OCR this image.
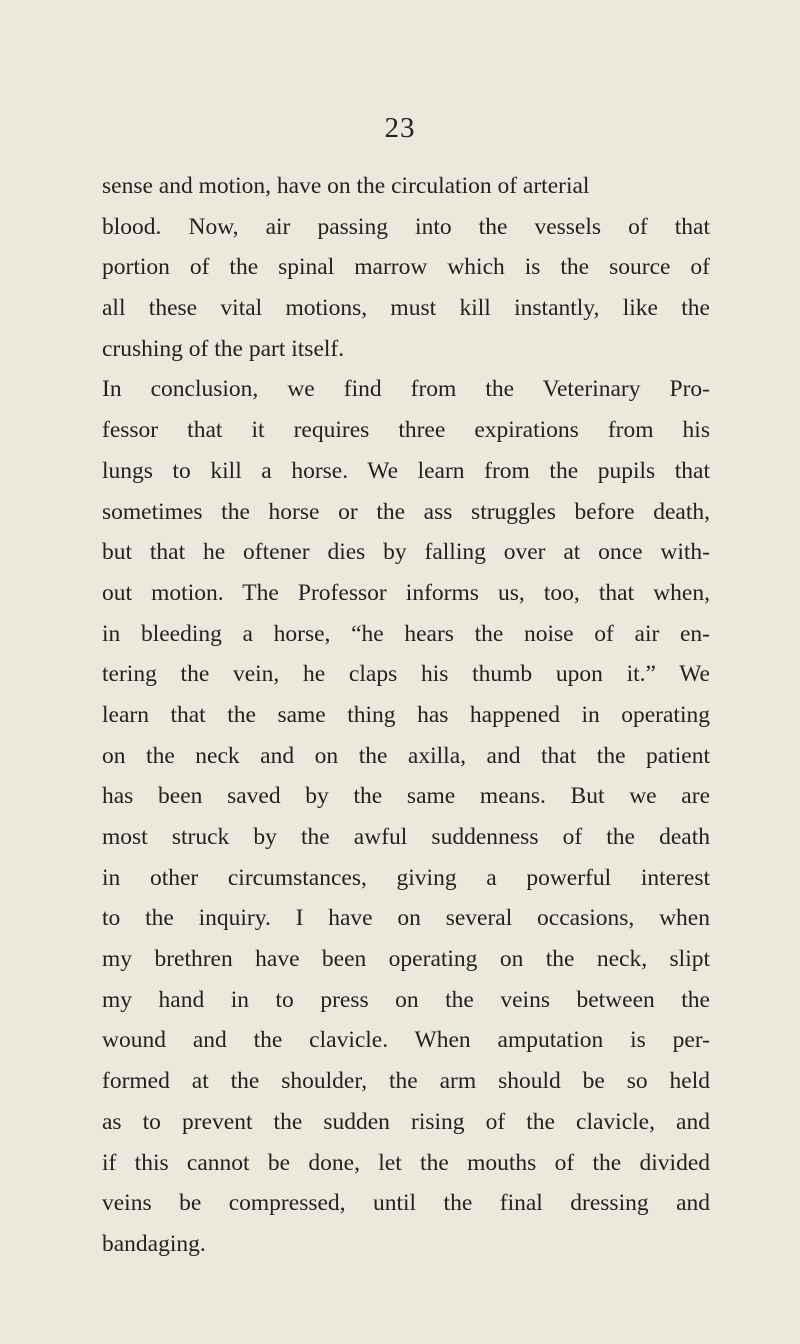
23
sense and motion, have on the circulation of arterial
blood. Now, air passing into the vessels of that
portion of the spinal marrow which is the source of
all these vital motions, must kill instantly, like the
crushing of the part itself.
In conclusion, we find from the Veterinary Pro-
fessor that it requires three expirations from his
lungs to kill a horse. We learn from the pupils that
sometimes the horse or the ass struggles before death,
but that he oftener dies by falling over at once with-
out motion. The Professor informs us, too, that when,
in bleeding a horse, “he hears the noise of air en-
tering the vein, he claps his thumb upon it.” We
learn that the same thing has happened in operating
on the neck and on the axilla, and that the patient
has been saved by the same means. But we are
most struck by the awful suddenness of the death
in other circumstances, giving a powerful interest
to the inquiry. I have on several occasions, when
my brethren have been operating on the neck, slipt
my hand in to press on the veins between the
wound and the clavicle. When amputation is per-
formed at the shoulder, the arm should be so held
as to prevent the sudden rising of the clavicle, and
if this cannot be done, let the mouths of the divided
veins be compressed, until the final dressing and
bandaging.
